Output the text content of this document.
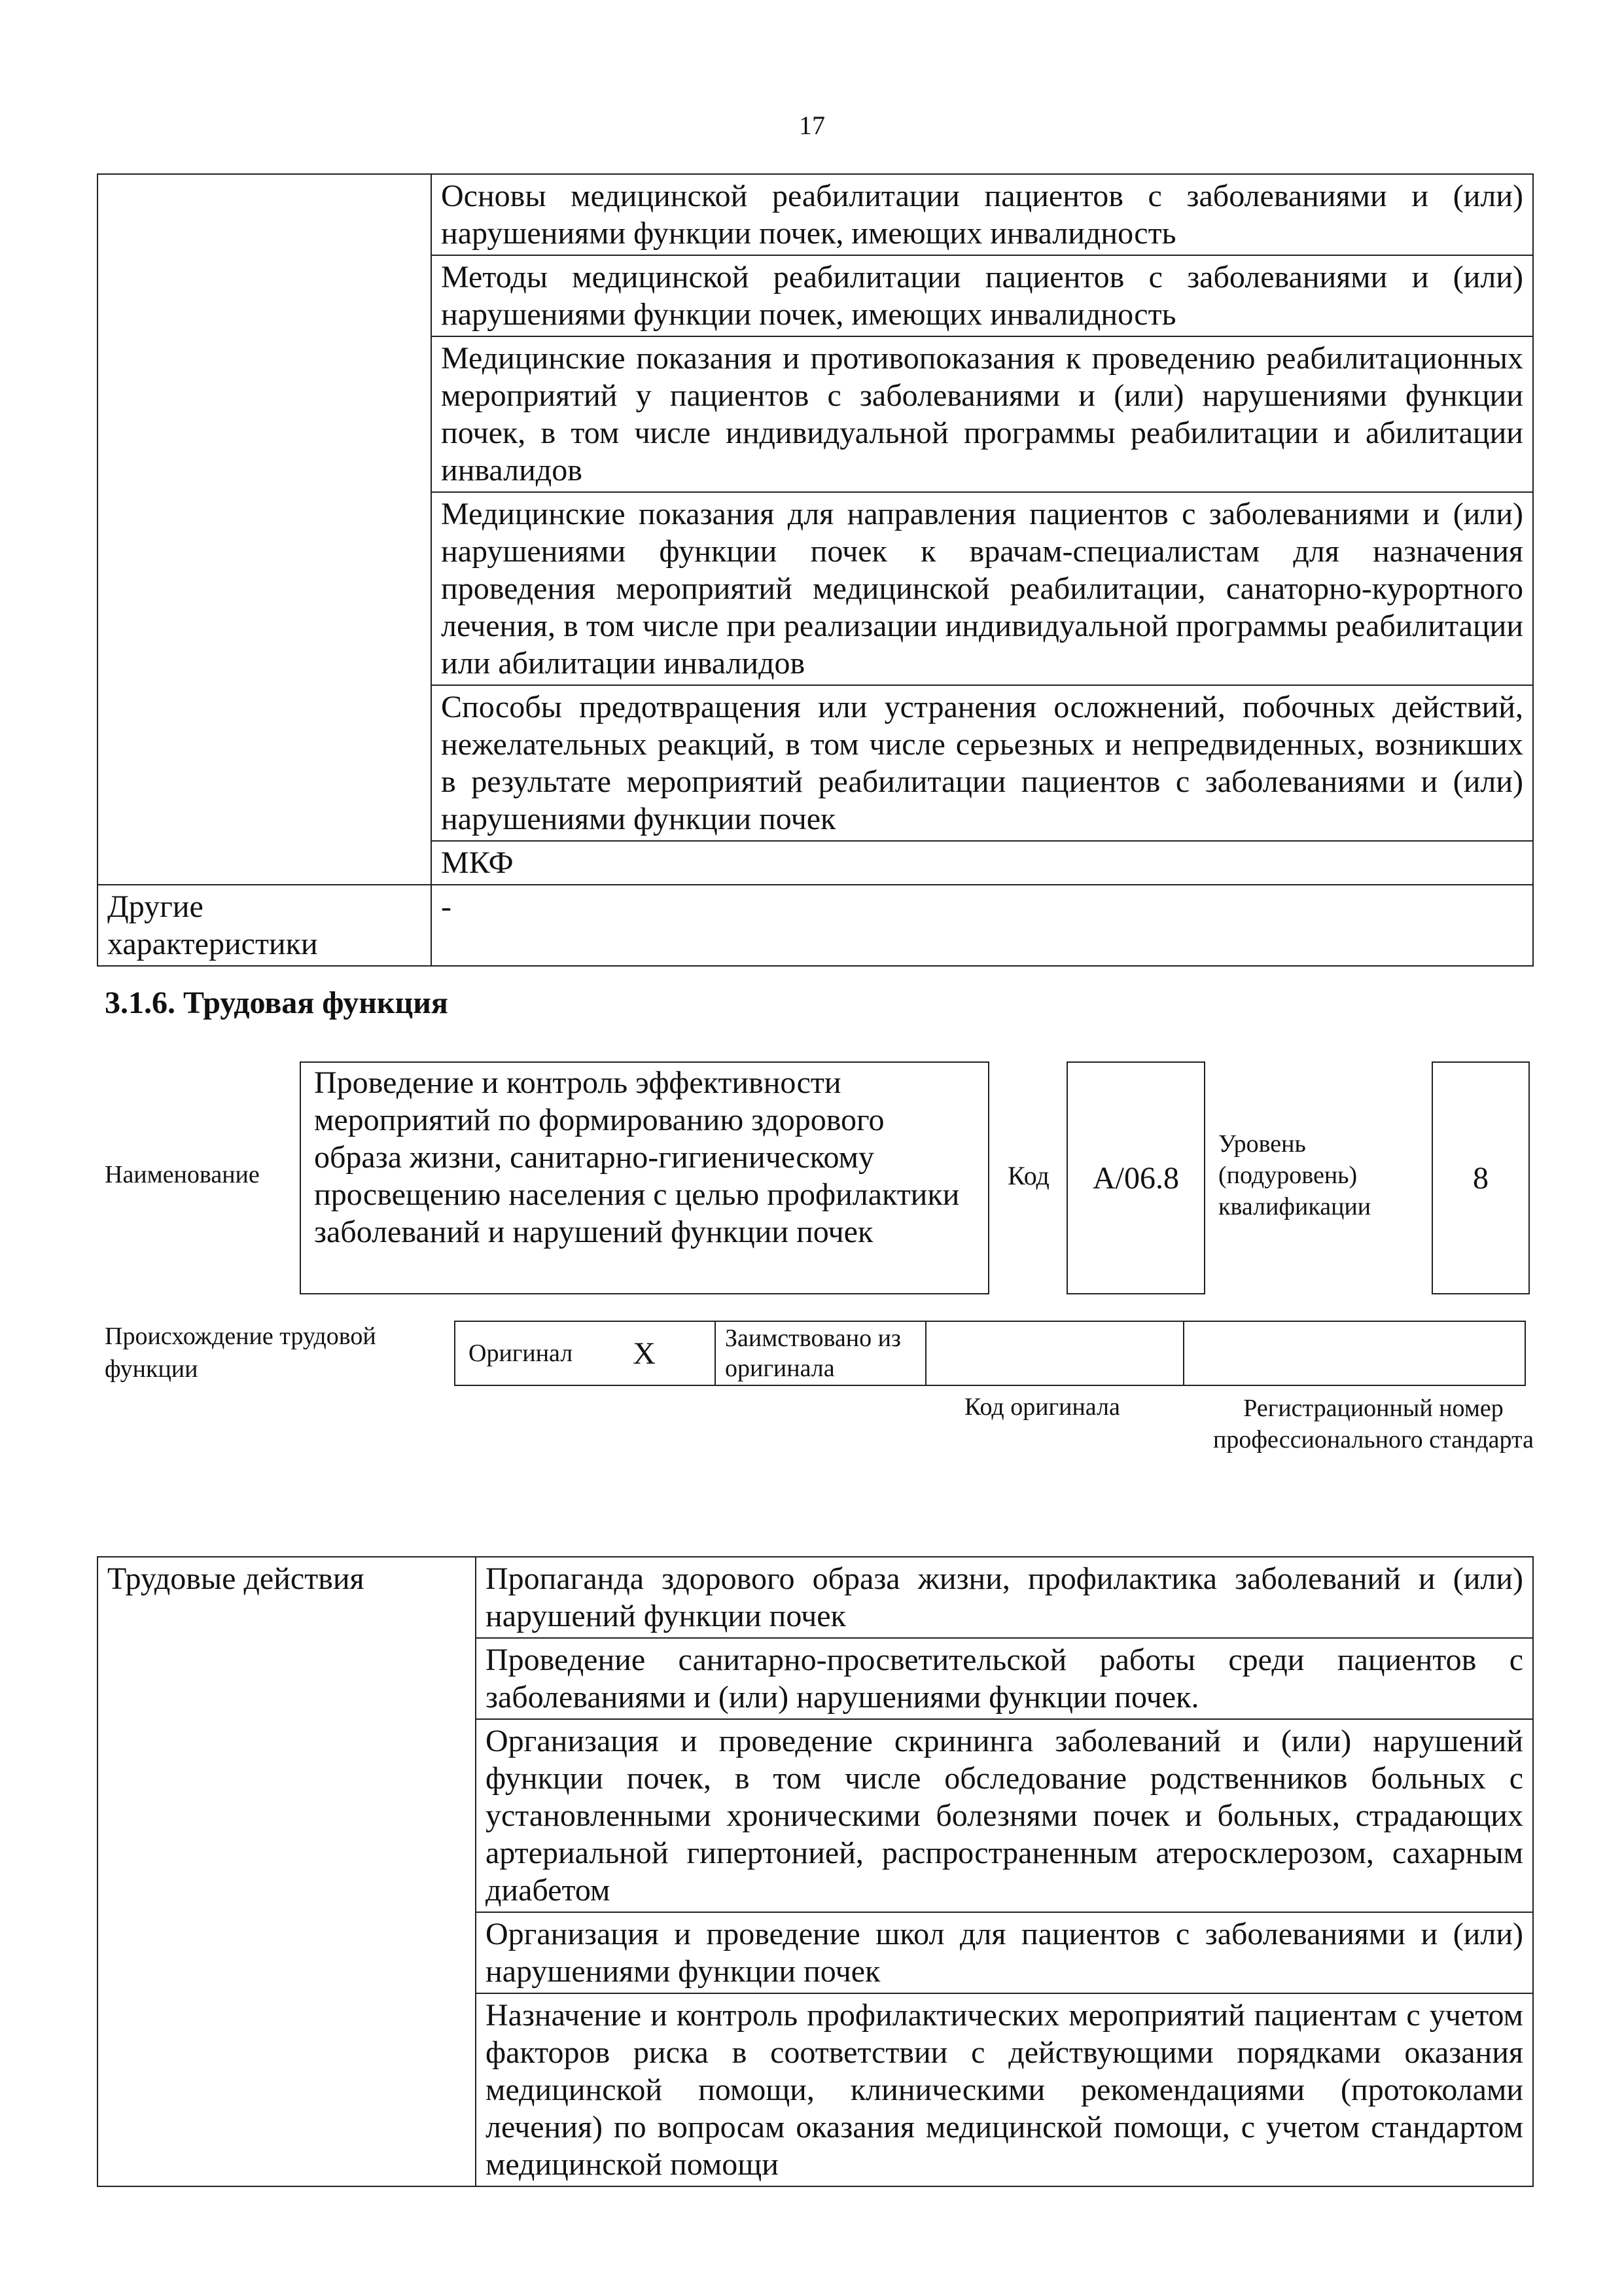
17
	Основы медицинской реабилитации пациентов с заболеваниями и (или) нарушениями функции почек, имеющих инвалидность
	Методы медицинской реабилитации пациентов с заболеваниями и (или) нарушениями функции почек, имеющих инвалидность
	Медицинские показания и противопоказания к проведению реабилитационных мероприятий у пациентов с заболеваниями и (или) нарушениями функции почек, в том числе индивидуальной программы реабилитации и абилитации инвалидов
	Медицинские показания для направления пациентов с заболеваниями и (или) нарушениями функции почек к врачам-специалистам для назначения проведения мероприятий медицинской реабилитации, санаторно-курортного лечения, в том числе при реализации индивидуальной программы реабилитации или абилитации инвалидов
	Способы предотвращения или устранения осложнений, побочных действий, нежелательных реакций, в том числе серьезных и непредвиденных, возникших в результате мероприятий реабилитации пациентов с заболеваниями и (или) нарушениями функции почек
	МКФ
Другие характеристики	-
3.1.6. Трудовая функция
Наименование
Проведение и контроль эффективности мероприятий по формированию здорового образа жизни, санитарно-гигиеническому просвещению населения с целью профилактики заболеваний и нарушений функции почек
Код A/06.8
Уровень (подуровень) квалификации
8
Происхождение трудовой функции
Оригинал X	Заимствовано из оригинала
Код оригинала	Регистрационный номер профессионального стандарта
Трудовые действия	Пропаганда здорового образа жизни, профилактика заболеваний и (или) нарушений функции почек
Проведение санитарно-просветительской работы среди пациентов с заболеваниями и (или) нарушениями функции почек.
Организация и проведение скрининга заболеваний и (или) нарушений функции почек, в том числе обследование родственников больных с установленными хроническими болезнями почек и больных, страдающих артериальной гипертонией, распространенным атеросклерозом, сахарным диабетом
Организация и проведение школ для пациентов с заболеваниями и (или) нарушениями функции почек
Назначение и контроль профилактических мероприятий пациентам с учетом факторов риска в соответствии с действующими порядками оказания медицинской помощи, клиническими рекомендациями (протоколами лечения) по вопросам оказания медицинской помощи, с учетом стандартом медицинской помощи
